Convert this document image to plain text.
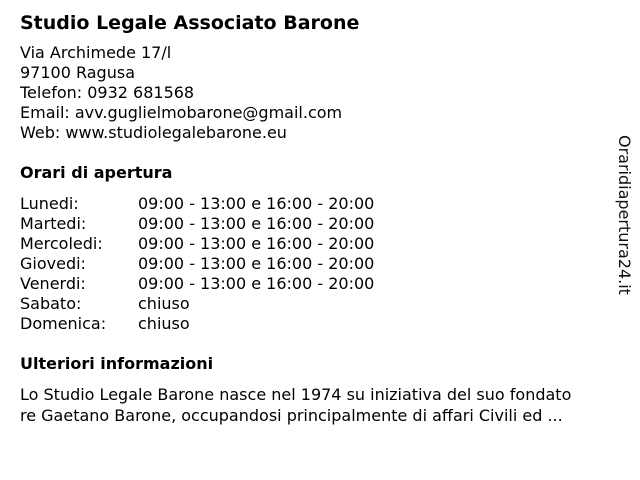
Studio Legale Associato Barone
Via Archimede 17/l
97100 Ragusa
Telefon: 0932 681568
Email: avv.guglielmobarone@gmail.com
Web: www.studiolegalebarone.eu
Orari di apertura
Lunedi:	09:00 - 13:00 e 16:00 - 20:00
Martedi:	09:00 - 13:00 e 16:00 - 20:00
Mercoledi:	09:00 - 13:00 e 16:00 - 20:00
Giovedi:	09:00 - 13:00 e 16:00 - 20:00
Venerdi:	09:00 - 13:00 e 16:00 - 20:00
Sabato:	chiuso
Domenica:	chiuso
Ulteriori informazioni
Lo Studio Legale Barone nasce nel 1974 su iniziativa del suo fondato
re Gaetano Barone, occupandosi principalmente di affari Civili ed ...
Oraridiapertura24.it
